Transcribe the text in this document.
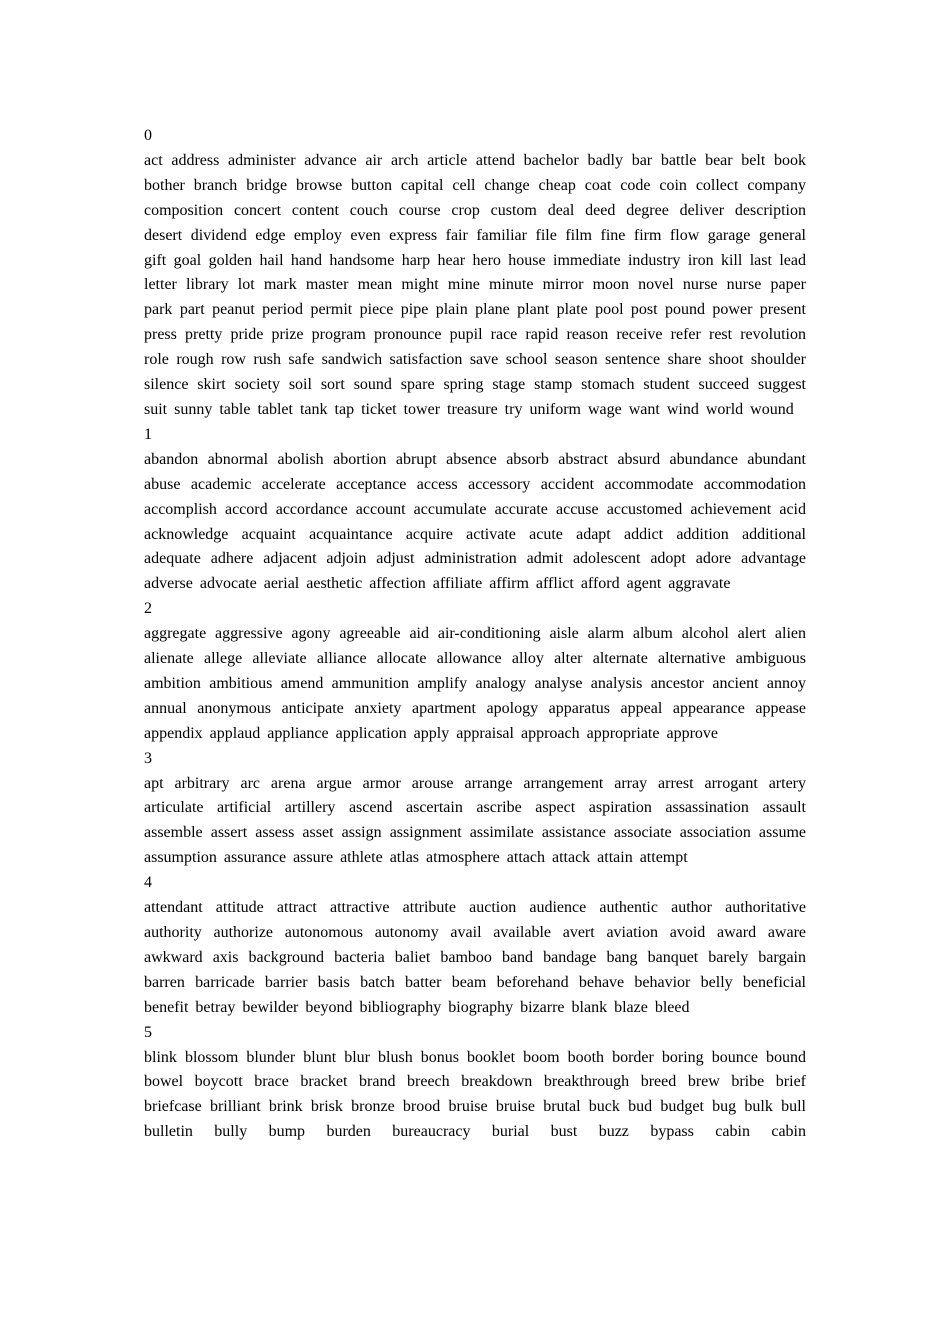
0
act address administer advance air arch article attend bachelor badly bar battle bear belt book bother branch bridge browse button capital cell change cheap coat code coin collect company composition concert content couch course crop custom deal deed degree deliver description desert dividend edge employ even express fair familiar file film fine firm flow garage general gift goal golden hail hand handsome harp hear hero house immediate industry iron kill last lead letter library lot mark master mean might mine minute mirror moon novel nurse nurse paper park part peanut period permit piece pipe plain plane plant plate pool post pound power present press pretty pride prize program pronounce pupil race rapid reason receive refer rest revolution role rough row rush safe sandwich satisfaction save school season sentence share shoot shoulder silence skirt society soil sort sound spare spring stage stamp stomach student succeed suggest suit sunny table tablet tank tap ticket tower treasure try uniform wage want wind world wound
1
abandon abnormal abolish abortion abrupt absence absorb abstract absurd abundance abundant abuse academic accelerate acceptance access accessory accident accommodate accommodation accomplish accord accordance account accumulate accurate accuse accustomed achievement acid acknowledge acquaint acquaintance acquire activate acute adapt addict addition additional adequate adhere adjacent adjoin adjust administration admit adolescent adopt adore advantage adverse advocate aerial aesthetic affection affiliate affirm afflict afford agent aggravate
2
aggregate aggressive agony agreeable aid air-conditioning aisle alarm album alcohol alert alien alienate allege alleviate alliance allocate allowance alloy alter alternate alternative ambiguous ambition ambitious amend ammunition amplify analogy analyse analysis ancestor ancient annoy annual anonymous anticipate anxiety apartment apology apparatus appeal appearance appease appendix applaud appliance application apply appraisal approach appropriate approve
3
apt arbitrary arc arena argue armor arouse arrange arrangement array arrest arrogant artery articulate artificial artillery ascend ascertain ascribe aspect aspiration assassination assault assemble assert assess asset assign assignment assimilate assistance associate association assume assumption assurance assure athlete atlas atmosphere attach attack attain attempt
4
attendant attitude attract attractive attribute auction audience authentic author authoritative authority authorize autonomous autonomy avail available avert aviation avoid award aware awkward axis background bacteria baliet bamboo band bandage bang banquet barely bargain barren barricade barrier basis batch batter beam beforehand behave behavior belly beneficial benefit betray bewilder beyond bibliography biography bizarre blank blaze bleed
5
blink blossom blunder blunt blur blush bonus booklet boom booth border boring bounce bound bowel boycott brace bracket brand breech breakdown breakthrough breed brew bribe brief briefcase brilliant brink brisk bronze brood bruise bruise brutal buck bud budget bug bulk bull bulletin bully bump burden bureaucracy burial bust buzz bypass cabin cabin
